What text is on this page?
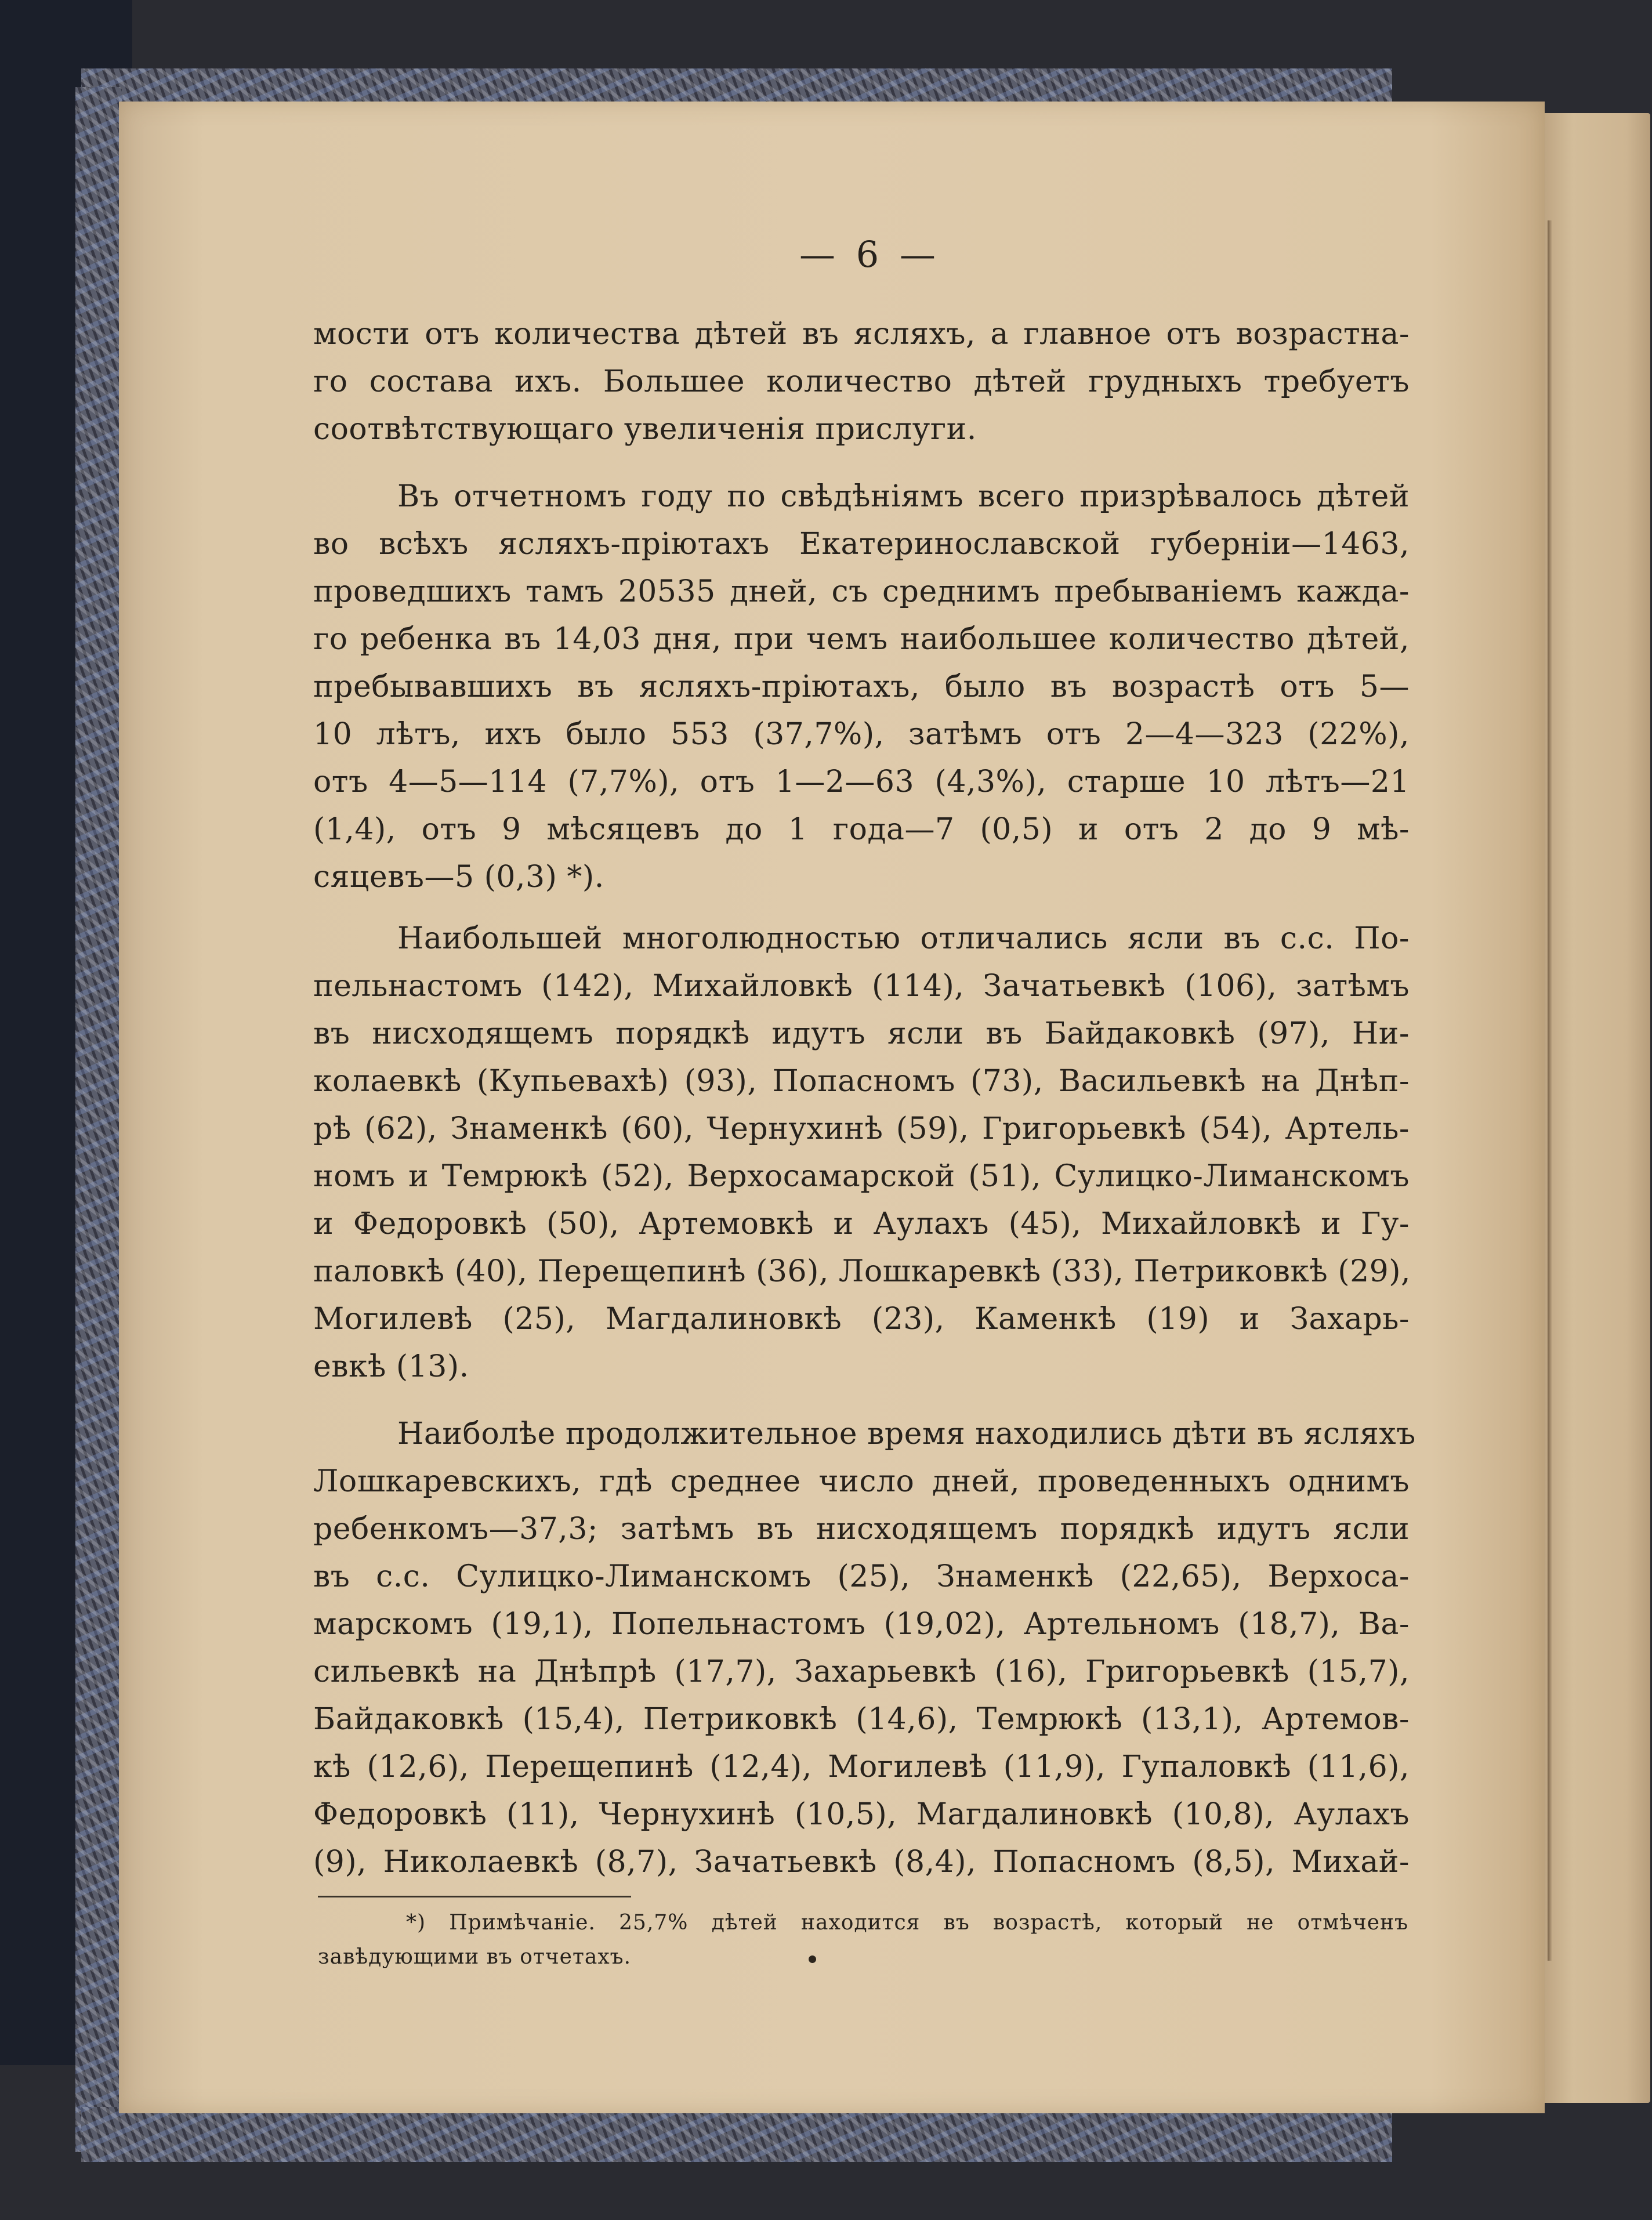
— 6 —

мости отъ количества дѣтей въ ясляхъ, а главное отъ возрастна-

го состава ихъ. Большее количество дѣтей грудныхъ требуетъ

соотвѣтствующаго увеличенія прислуги.

Въ отчетномъ году по свѣдѣніямъ всего призрѣвалось дѣтей

во всѣхъ ясляхъ-пріютахъ Екатеринославской губерніи—1463,

проведшихъ тамъ 20535 дней, съ среднимъ пребываніемъ кажда-

го ребенка въ 14,03 дня, при чемъ наибольшее количество дѣтей,

пребывавшихъ въ ясляхъ-пріютахъ, было въ возрастѣ отъ 5—

10 лѣтъ, ихъ было 553 (37,7%), затѣмъ отъ 2—4—323 (22%),

отъ 4—5—114 (7,7%), отъ 1—2—63 (4,3%), старше 10 лѣтъ—21

(1,4), отъ 9 мѣсяцевъ до 1 года—7 (0,5) и отъ 2 до 9 мѣ-

сяцевъ—5 (0,3) *).

Наибольшей многолюдностью отличались ясли въ с.с. По-

пельнастомъ (142), Михайловкѣ (114), Зачатьевкѣ (106), затѣмъ

въ нисходящемъ порядкѣ идутъ ясли въ Байдаковкѣ (97), Ни-

колаевкѣ (Купьевахѣ) (93), Попасномъ (73), Васильевкѣ на Днѣп-

рѣ (62), Знаменкѣ (60), Чернухинѣ (59), Григорьевкѣ (54), Артель-

номъ и Темрюкѣ (52), Верхосамарской (51), Сулицко-Лиманскомъ

и Федоровкѣ (50), Артемовкѣ и Аулахъ (45), Михайловкѣ и Гу-

паловкѣ (40), Перещепинѣ (36), Лошкаревкѣ (33), Петриковкѣ (29),

Могилевѣ (25), Магдалиновкѣ (23), Каменкѣ (19) и Захарь-

евкѣ (13).

Наиболѣе продолжительное время находились дѣти въ ясляхъ

Лошкаревскихъ, гдѣ среднее число дней, проведенныхъ однимъ

ребенкомъ—37,3; затѣмъ въ нисходящемъ порядкѣ идутъ ясли

въ с.с. Сулицко-Лиманскомъ (25), Знаменкѣ (22,65), Верхоса-

марскомъ (19,1), Попельнастомъ (19,02), Артельномъ (18,7), Ва-

сильевкѣ на Днѣпрѣ (17,7), Захарьевкѣ (16), Григорьевкѣ (15,7),

Байдаковкѣ (15,4), Петриковкѣ (14,6), Темрюкѣ (13,1), Артемов-

кѣ (12,6), Перещепинѣ (12,4), Могилевѣ (11,9), Гупаловкѣ (11,6),

Федоровкѣ (11), Чернухинѣ (10,5), Магдалиновкѣ (10,8), Аулахъ

(9), Николаевкѣ (8,7), Зачатьевкѣ (8,4), Попасномъ (8,5), Михай-

*) Примѣчаніе. 25,7% дѣтей находится въ возрастѣ, который не отмѣченъ

завѣдующими въ отчетахъ.
